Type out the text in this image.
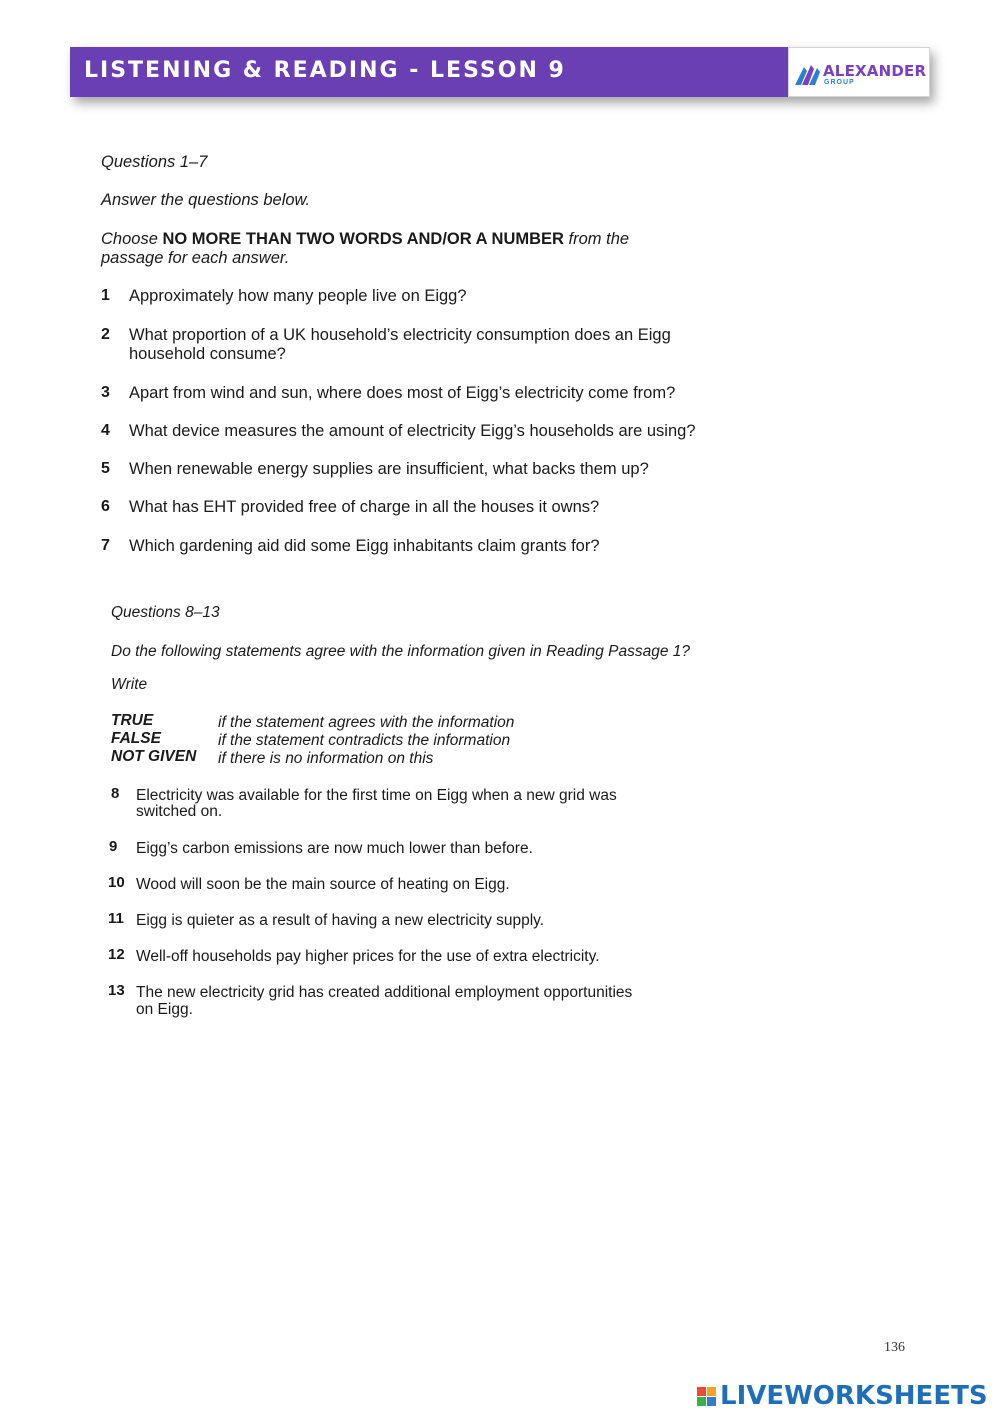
LISTENING & READING - LESSON 9	ALEXANDER
GROUP
Questions 1–7
Answer the questions below.
Choose NO MORE THAN TWO WORDS AND/OR A NUMBER from the
passage for each answer.
1 Approximately how many people live on Eigg?
2 What proportion of a UK household’s electricity consumption does an Eigg
household consume?
3 Apart from wind and sun, where does most of Eigg’s electricity come from?
4 What device measures the amount of electricity Eigg’s households are using?
5 When renewable energy supplies are insufficient, what backs them up?
6 What has EHT provided free of charge in all the houses it owns?
7 Which gardening aid did some Eigg inhabitants claim grants for?
Questions 8–13
Do the following statements agree with the information given in Reading Passage 1?
Write
TRUE	if the statement agrees with the information
FALSE	if the statement contradicts the information
NOT GIVEN if there is no information on this
8 Electricity was available for the first time on Eigg when a new grid was
switched on.
9 Eigg’s carbon emissions are now much lower than before.
10 Wood will soon be the main source of heating on Eigg.
11 Eigg is quieter as a result of having a new electricity supply.
12 Well-off households pay higher prices for the use of extra electricity.
13 The new electricity grid has created additional employment opportunities
on Eigg.
136
LIVEWORKSHEETS
